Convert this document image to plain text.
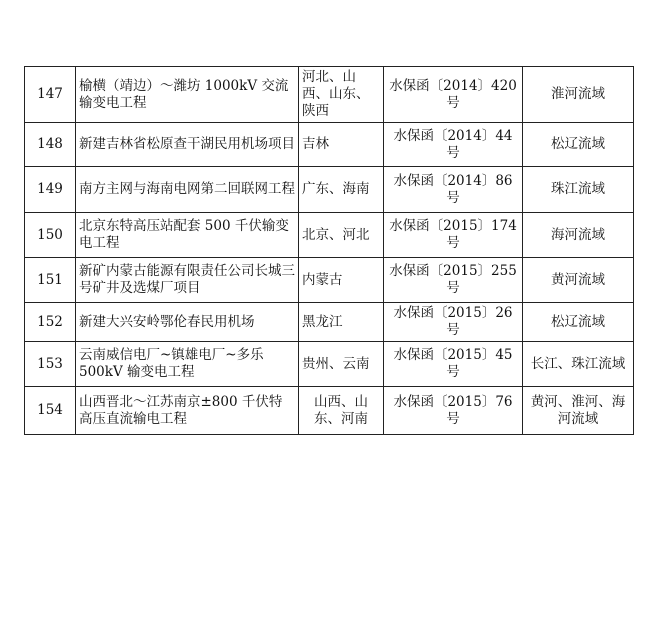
147	榆横（靖边）～潍坊 1000kV 交流输变电工程	河北、山西、山东、陕西	水保函〔2014〕420 号	淮河流域
148	新建吉林省松原查干湖民用机场项目	吉林	水保函〔2014〕44 号	松辽流域
149	南方主网与海南电网第二回联网工程	广东、海南	水保函〔2014〕86 号	珠江流域
150	北京东特高压站配套 500 千伏输变电工程	北京、河北	水保函〔2015〕174 号	海河流域
151	新矿内蒙古能源有限责任公司长城三号矿井及选煤厂项目	内蒙古	水保函〔2015〕255 号	黄河流域
152	新建大兴安岭鄂伦春民用机场	黑龙江	水保函〔2015〕26 号	松辽流域
153	云南威信电厂~镇雄电厂~多乐 500kV 输变电工程	贵州、云南	水保函〔2015〕45 号	长江、珠江流域
154	山西晋北～江苏南京±800 千伏特高压直流输电工程	山西、山东、河南	水保函〔2015〕76 号	黄河、淮河、海河流域
